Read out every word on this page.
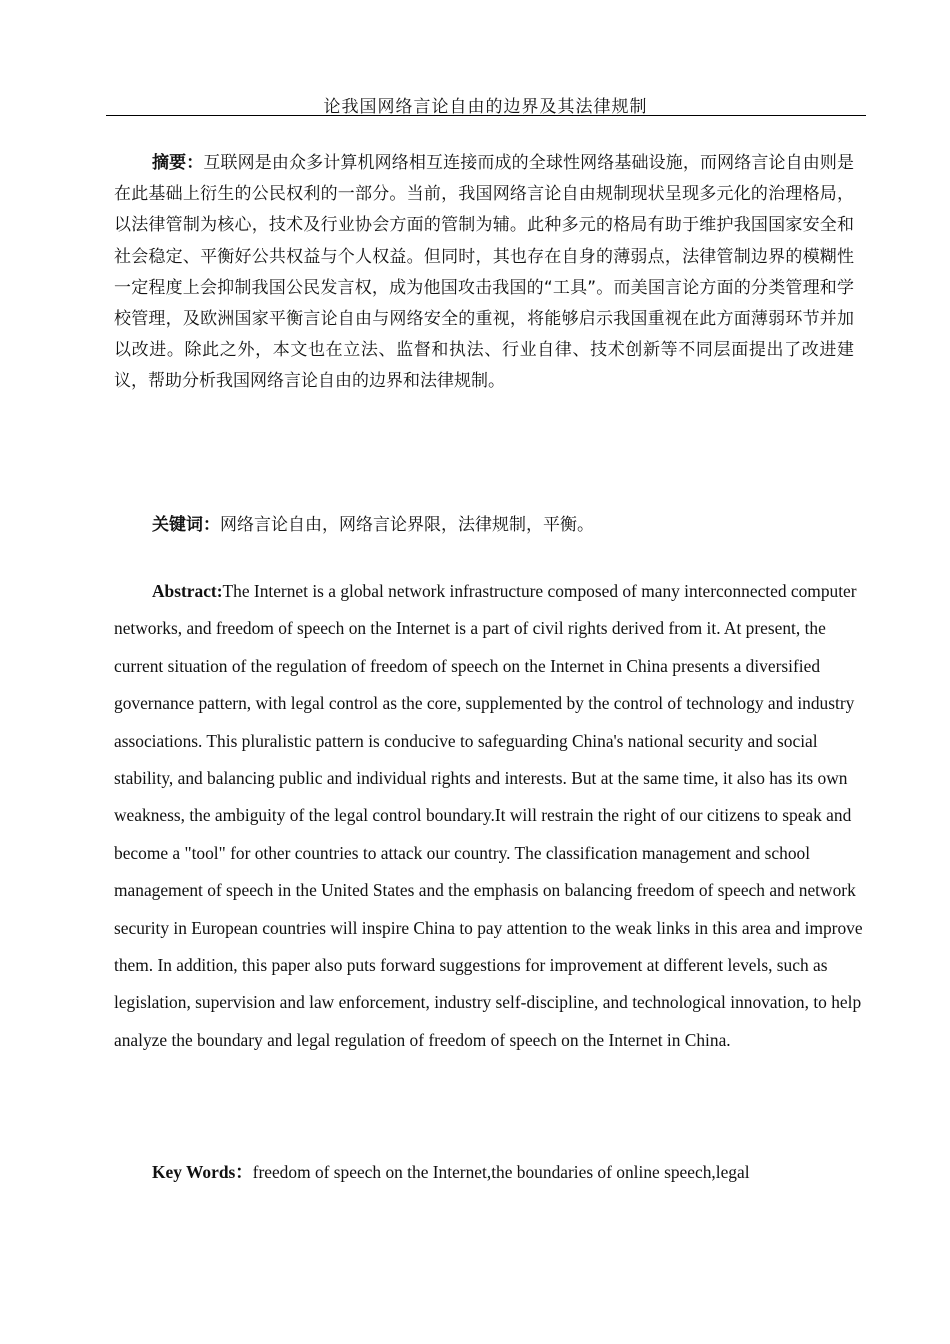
论我国网络言论自由的边界及其法律规制

摘要：互联网是由众多计算机网络相互连接而成的全球性网络基础设施，而网络言论自由则是在此基础上衍生的公民权利的一部分。当前，我国网络言论自由规制现状呈现多元化的治理格局，以法律管制为核心，技术及行业协会方面的管制为辅。此种多元的格局有助于维护我国国家安全和社会稳定、平衡好公共权益与个人权益。但同时，其也存在自身的薄弱点，法律管制边界的模糊性一定程度上会抑制我国公民发言权，成为他国攻击我国的“工具”。而美国言论方面的分类管理和学校管理，及欧洲国家平衡言论自由与网络安全的重视，将能够启示我国重视在此方面薄弱环节并加以改进。除此之外，本文也在立法、监督和执法、行业自律、技术创新等不同层面提出了改进建议，帮助分析我国网络言论自由的边界和法律规制。

关键词：网络言论自由，网络言论界限，法律规制，平衡。

Abstract:The Internet is a global network infrastructure composed of many interconnected computer networks, and freedom of speech on the Internet is a part of civil rights derived from it. At present, the current situation of the regulation of freedom of speech on the Internet in China presents a diversified governance pattern, with legal control as the core, supplemented by the control of technology and industry associations. This pluralistic pattern is conducive to safeguarding China's national security and social stability, and balancing public and individual rights and interests. But at the same time, it also has its own weakness, the ambiguity of the legal control boundary.It will restrain the right of our citizens to speak and become a "tool" for other countries to attack our country. The classification management and school management of speech in the United States and the emphasis on balancing freedom of speech and network security in European countries will inspire China to pay attention to the weak links in this area and improve them. In addition, this paper also puts forward suggestions for improvement at different levels, such as legislation, supervision and law enforcement, industry self-discipline, and technological innovation, to help analyze the boundary and legal regulation of freedom of speech on the Internet in China.

Key Words：freedom of speech on the Internet,the boundaries of online speech,legal
